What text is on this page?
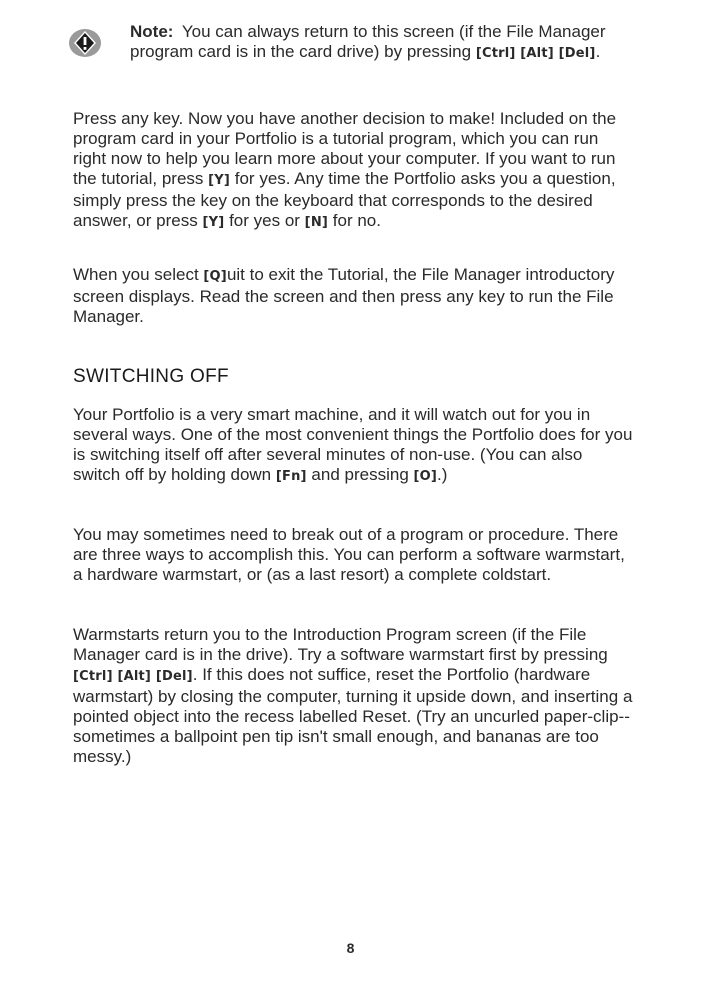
Note: You can always return to this screen (if the File Manager program card is in the card drive) by pressing [Ctrl] [Alt] [Del].

Press any key. Now you have another decision to make! Included on the program card in your Portfolio is a tutorial program, which you can run right now to help you learn more about your computer. If you want to run the tutorial, press [Y] for yes. Any time the Portfolio asks you a question, simply press the key on the keyboard that corresponds to the desired answer, or press [Y] for yes or [N] for no.

When you select [Q]uit to exit the Tutorial, the File Manager introductory screen displays. Read the screen and then press any key to run the File Manager.

SWITCHING OFF

Your Portfolio is a very smart machine, and it will watch out for you in several ways. One of the most convenient things the Portfolio does for you is switching itself off after several minutes of non-use. (You can also switch off by holding down [Fn] and pressing [O].)

You may sometimes need to break out of a program or procedure. There are three ways to accomplish this. You can perform a software warmstart, a hardware warmstart, or (as a last resort) a complete coldstart.

Warmstarts return you to the Introduction Program screen (if the File Manager card is in the drive). Try a software warmstart first by pressing [Ctrl] [Alt] [Del]. If this does not suffice, reset the Portfolio (hardware warmstart) by closing the computer, turning it upside down, and inserting a pointed object into the recess labelled Reset. (Try an uncurled paper-clip--sometimes a ballpoint pen tip isn't small enough, and bananas are too messy.)

8
